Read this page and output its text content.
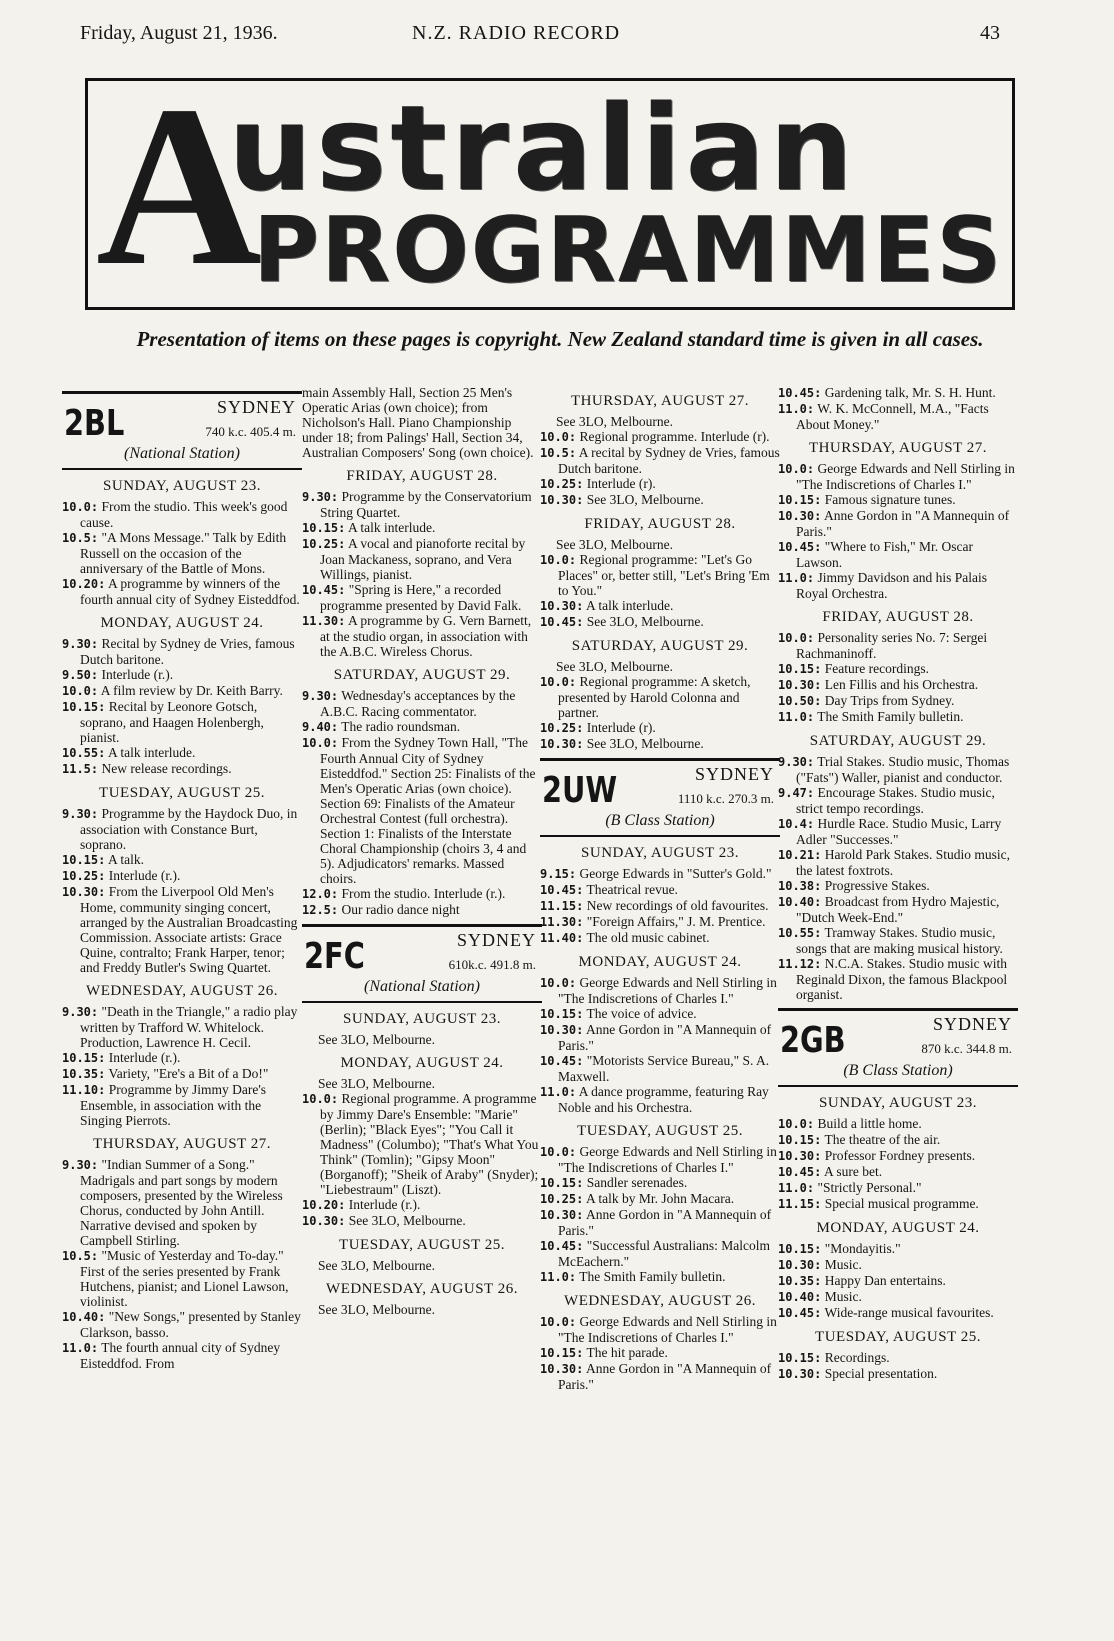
Friday, August 21, 1936.	N.Z. RADIO RECORD	43
A
ustralian
PROGRAMMES
Presentation of items on these pages is copyright. New Zealand standard time is given in all cases.
2BL	SYDNEY
740 k.c. 405.4 m.
(National Station)
SUNDAY, AUGUST 23.

10.0: From the studio. This week's good cause.

10.5: "A Mons Message." Talk by Edith Russell on the occasion of the anniversary of the Battle of Mons.

10.20: A programme by winners of the fourth annual city of Sydney Eisteddfod.

MONDAY, AUGUST 24.

9.30: Recital by Sydney de Vries, famous Dutch baritone.

9.50: Interlude (r.).

10.0: A film review by Dr. Keith Barry.

10.15: Recital by Leonore Gotsch, soprano, and Haagen Holenbergh, pianist.

10.55: A talk interlude.

11.5: New release recordings.

TUESDAY, AUGUST 25.

9.30: Programme by the Haydock Duo, in association with Constance Burt, soprano.

10.15: A talk.

10.25: Interlude (r.).

10.30: From the Liverpool Old Men's Home, community singing concert, arranged by the Australian Broadcasting Commission. Associate artists: Grace Quine, contralto; Frank Harper, tenor; and Freddy Butler's Swing Quartet.

WEDNESDAY, AUGUST 26.

9.30: "Death in the Triangle," a radio play written by Trafford W. Whitelock. Production, Lawrence H. Cecil.

10.15: Interlude (r.).

10.35: Variety, "Ere's a Bit of a Do!"

11.10: Programme by Jimmy Dare's Ensemble, in association with the Singing Pierrots.

THURSDAY, AUGUST 27.

9.30: "Indian Summer of a Song." Madrigals and part songs by modern composers, presented by the Wireless Chorus, conducted by John Antill. Narrative devised and spoken by Campbell Stirling.

10.5: "Music of Yesterday and To-day." First of the series presented by Frank Hutchens, pianist; and Lionel Lawson, violinist.

10.40: "New Songs," presented by Stanley Clarkson, basso.

11.0: The fourth annual city of Sydney Eisteddfod. From

main Assembly Hall, Section 25 Men's Operatic Arias (own choice); from Nicholson's Hall. Piano Championship under 18; from Palings' Hall, Section 34, Australian Composers' Song (own choice).

FRIDAY, AUGUST 28.

9.30: Programme by the Conservatorium String Quartet.

10.15: A talk interlude.

10.25: A vocal and pianoforte recital by Joan Mackaness, soprano, and Vera Willings, pianist.

10.45: "Spring is Here," a recorded programme presented by David Falk.

11.30: A programme by G. Vern Barnett, at the studio organ, in association with the A.B.C. Wireless Chorus.

SATURDAY, AUGUST 29.

9.30: Wednesday's acceptances by the A.B.C. Racing commentator.

9.40: The radio roundsman.

10.0: From the Sydney Town Hall, "The Fourth Annual City of Sydney Eisteddfod." Section 25: Finalists of the Men's Operatic Arias (own choice). Section 69: Finalists of the Amateur Orchestral Contest (full orchestra). Section 1: Finalists of the Interstate Choral Championship (choirs 3, 4 and 5). Adjudicators' remarks. Massed choirs.

12.0: From the studio. Interlude (r.).

12.5: Our radio dance night

2FC	SYDNEY
610k.c. 491.8 m.
(National Station)
SUNDAY, AUGUST 23.

See 3LO, Melbourne.

MONDAY, AUGUST 24.

See 3LO, Melbourne.

10.0: Regional programme. A programme by Jimmy Dare's Ensemble: "Marie" (Berlin); "Black Eyes"; "You Call it Madness" (Columbo); "That's What You Think" (Tomlin); "Gipsy Moon" (Borganoff); "Sheik of Araby" (Snyder); "Liebestraum" (Liszt).

10.20: Interlude (r.).

10.30: See 3LO, Melbourne.

TUESDAY, AUGUST 25.

See 3LO, Melbourne.

WEDNESDAY, AUGUST 26.

See 3LO, Melbourne.

THURSDAY, AUGUST 27.

See 3LO, Melbourne.

10.0: Regional programme. Interlude (r).

10.5: A recital by Sydney de Vries, famous Dutch baritone.

10.25: Interlude (r).

10.30: See 3LO, Melbourne.

FRIDAY, AUGUST 28.

See 3LO, Melbourne.

10.0: Regional programme: "Let's Go Places" or, better still, "Let's Bring 'Em to You."

10.30: A talk interlude.

10.45: See 3LO, Melbourne.

SATURDAY, AUGUST 29.

See 3LO, Melbourne.

10.0: Regional programme: A sketch, presented by Harold Colonna and partner.

10.25: Interlude (r).

10.30: See 3LO, Melbourne.

2UW	SYDNEY
1110 k.c. 270.3 m.
(B Class Station)
SUNDAY, AUGUST 23.

9.15: George Edwards in "Sutter's Gold."

10.45: Theatrical revue.

11.15: New recordings of old favourites.

11.30: "Foreign Affairs," J. M. Prentice.

11.40: The old music cabinet.

MONDAY, AUGUST 24.

10.0: George Edwards and Nell Stirling in "The Indiscretions of Charles I."

10.15: The voice of advice.

10.30: Anne Gordon in "A Mannequin of Paris."

10.45: "Motorists Service Bureau," S. A. Maxwell.

11.0: A dance programme, featuring Ray Noble and his Orchestra.

TUESDAY, AUGUST 25.

10.0: George Edwards and Nell Stirling in "The Indiscretions of Charles I."

10.15: Sandler serenades.

10.25: A talk by Mr. John Macara.

10.30: Anne Gordon in "A Mannequin of Paris."

10.45: "Successful Australians: Malcolm McEachern."

11.0: The Smith Family bulletin.

WEDNESDAY, AUGUST 26.

10.0: George Edwards and Nell Stirling in "The Indiscretions of Charles I."

10.15: The hit parade.

10.30: Anne Gordon in "A Mannequin of Paris."

10.45: Gardening talk, Mr. S. H. Hunt.

11.0: W. K. McConnell, M.A., "Facts About Money."

THURSDAY, AUGUST 27.

10.0: George Edwards and Nell Stirling in "The Indiscretions of Charles I."

10.15: Famous signature tunes.

10.30: Anne Gordon in "A Mannequin of Paris."

10.45: "Where to Fish," Mr. Oscar Lawson.

11.0: Jimmy Davidson and his Palais Royal Orchestra.

FRIDAY, AUGUST 28.

10.0: Personality series No. 7: Sergei Rachmaninoff.

10.15: Feature recordings.

10.30: Len Fillis and his Orchestra.

10.50: Day Trips from Sydney.

11.0: The Smith Family bulletin.

SATURDAY, AUGUST 29.

9.30: Trial Stakes. Studio music, Thomas ("Fats") Waller, pianist and conductor.

9.47: Encourage Stakes. Studio music, strict tempo recordings.

10.4: Hurdle Race. Studio Music, Larry Adler "Successes."

10.21: Harold Park Stakes. Studio music, the latest foxtrots.

10.38: Progressive Stakes.

10.40: Broadcast from Hydro Majestic, "Dutch Week-End."

10.55: Tramway Stakes. Studio music, songs that are making musical history.

11.12: N.C.A. Stakes. Studio music with Reginald Dixon, the famous Blackpool organist.

2GB	SYDNEY
870 k.c. 344.8 m.
(B Class Station)
SUNDAY, AUGUST 23.

10.0: Build a little home.

10.15: The theatre of the air.

10.30: Professor Fordney presents.

10.45: A sure bet.

11.0: "Strictly Personal."

11.15: Special musical programme.

MONDAY, AUGUST 24.

10.15: "Mondayitis."

10.30: Music.

10.35: Happy Dan entertains.

10.40: Music.

10.45: Wide-range musical favourites.

TUESDAY, AUGUST 25.

10.15: Recordings.

10.30: Special presentation.
